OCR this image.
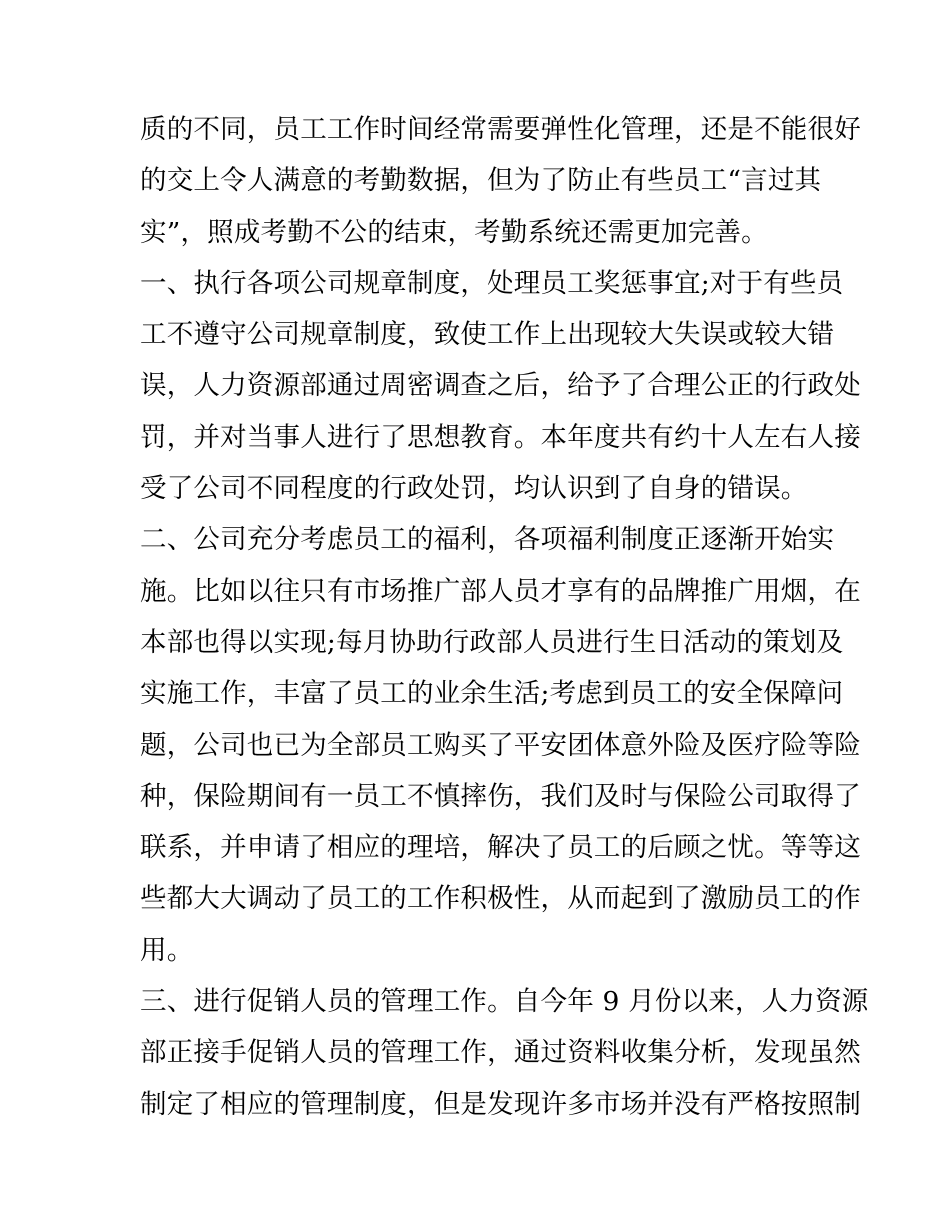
质的不同，员工工作时间经常需要弹性化管理，还是不能很好
的交上令人满意的考勤数据，但为了防止有些员工“言过其
实”，照成考勤不公的结束，考勤系统还需更加完善。
一、执行各项公司规章制度，处理员工奖惩事宜;对于有些员
工不遵守公司规章制度，致使工作上出现较大失误或较大错
误，人力资源部通过周密调查之后，给予了合理公正的行政处
罚，并对当事人进行了思想教育。本年度共有约十人左右人接
受了公司不同程度的行政处罚，均认识到了自身的错误。
二、公司充分考虑员工的福利，各项福利制度正逐渐开始实
施。比如以往只有市场推广部人员才享有的品牌推广用烟，在
本部也得以实现;每月协助行政部人员进行生日活动的策划及
实施工作，丰富了员工的业余生活;考虑到员工的安全保障问
题，公司也已为全部员工购买了平安团体意外险及医疗险等险
种，保险期间有一员工不慎摔伤，我们及时与保险公司取得了
联系，并申请了相应的理培，解决了员工的后顾之忧。等等这
些都大大调动了员工的工作积极性，从而起到了激励员工的作
用。
三、进行促销人员的管理工作。自今年 9 月份以来，人力资源
部正接手促销人员的管理工作，通过资料收集分析，发现虽然
制定了相应的管理制度，但是发现许多市场并没有严格按照制
